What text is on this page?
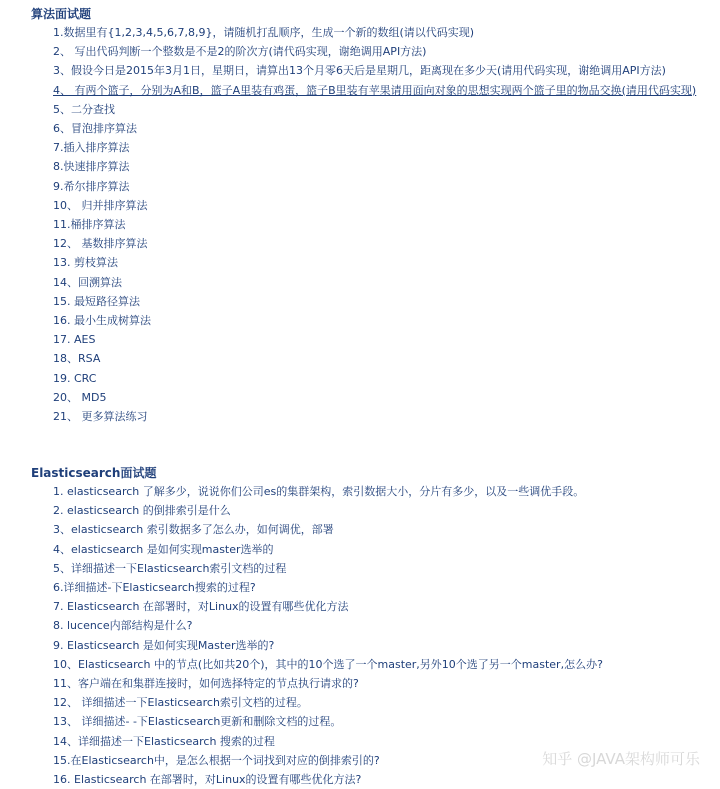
算法面试题
1.数据里有{1,2,3,4,5,6,7,8,9}，请随机打乱顺序，生成一个新的数组(请以代码实现)
2、 写出代码判断一个整数是不是2的阶次方(请代码实现，谢绝调用API方法)
3、假设今日是2015年3月1日，星期日，请算出13个月零6天后是星期几，距离现在多少天(请用代码实现，谢绝调用API方法)
4、 有两个篮子，分别为A和B，篮子A里装有鸡蛋，篮子B里装有苹果请用面向对象的思想实现两个篮子里的物品交换(请用代码实现)
5、二分查找
6、冒泡排序算法
7.插入排序算法
8.快速排序算法
9.希尔排序算法
10、 归并排序算法
11.桶排序算法
12、 基数排序算法
13. 剪枝算法
14、回溯算法
15. 最短路径算法
16. 最小生成树算法
17. AES
18、RSA
19. CRC
20、 MD5
21、 更多算法练习
Elasticsearch面试题
1. elasticsearch 了解多少，说说你们公司es的集群架构，索引数据大小，分片有多少，以及一些调优手段。
2. elasticsearch 的倒排索引是什么
3、elasticsearch 索引数据多了怎么办，如何调优，部署
4、elasticsearch 是如何实现master选举的
5、详细描述一下Elasticsearch索引文档的过程
6.详细描述-下Elasticsearch搜索的过程?
7. Elasticsearch 在部署时，对Linux的设置有哪些优化方法
8. lucence内部结构是什么?
9. Elasticsearch 是如何实现Master选举的?
10、Elasticsearch 中的节点(比如共20个)，其中的10个选了一个master,另外10个选了另一个master,怎么办?
11、客户端在和集群连接时，如何选择特定的节点执行请求的?
12、 详细描述一下Elasticsearch索引文档的过程。
13、 详细描述- -下Elasticsearch更新和删除文档的过程。
14、详细描述一下Elasticsearch 搜索的过程
15.在Elasticsearch中，是怎么根据一个词找到对应的倒排索引的?
16. Elasticsearch 在部署时，对Linux的设置有哪些优化方法?
知乎 @JAVA架构师可乐
